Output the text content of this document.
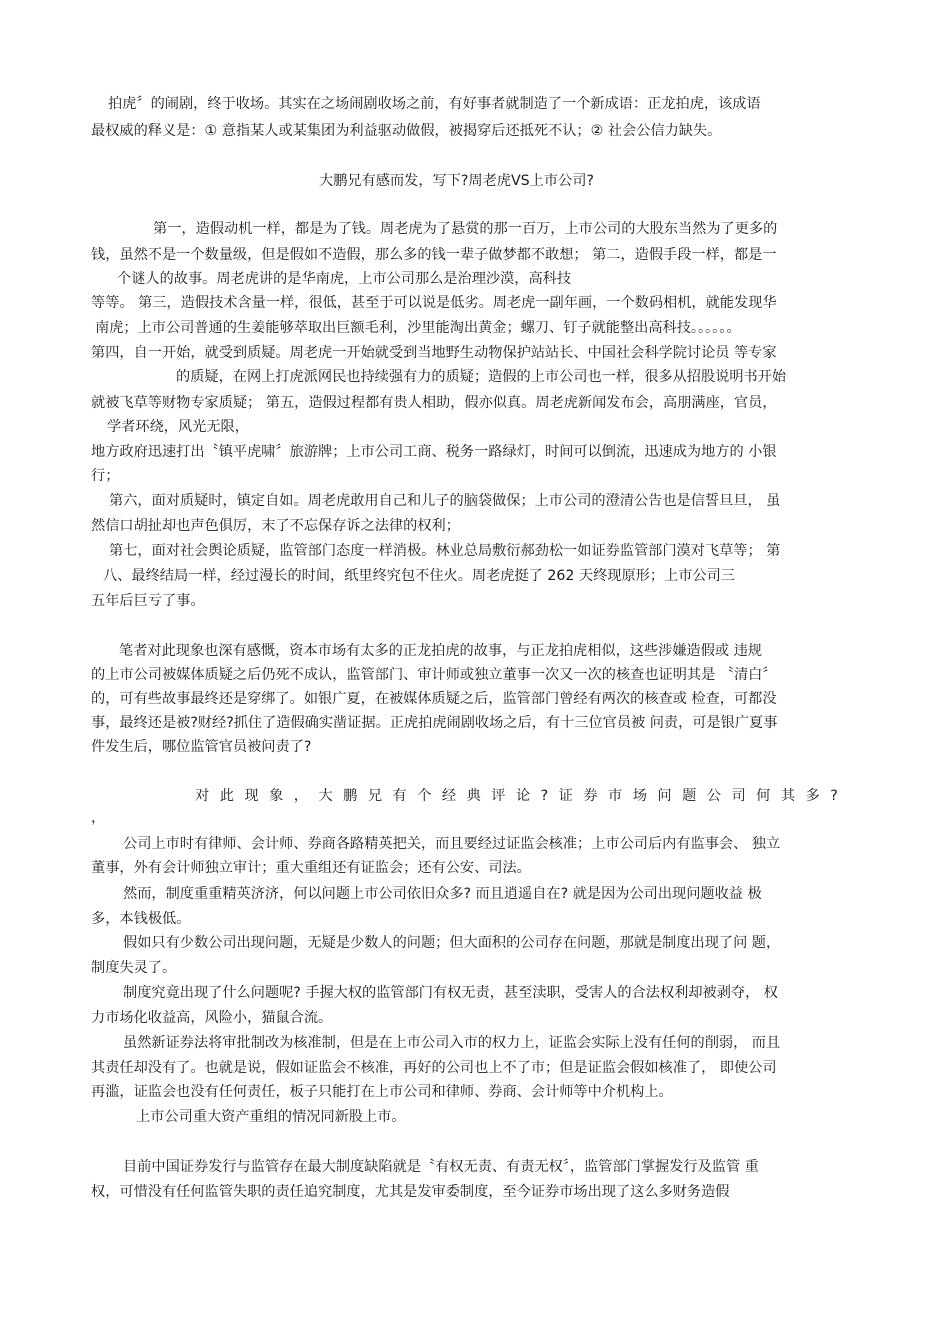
拍虎〞的闹剧，终于收场。其实在之场闹剧收场之前，有好事者就制造了一个新成语：正龙拍虎，该成语
最权威的释义是：① 意指某人或某集团为利益驱动做假，被揭穿后还抵死不认；② 社会公信力缺失。
大鹏兄有感而发，写下?周老虎VS上市公司?
第一，造假动机一样，都是为了钱。周老虎为了悬赏的那一百万，上市公司的大股东当然为了更多的
钱，虽然不是一个数量级，但是假如不造假，那么多的钱一辈子做梦都不敢想； 第二，造假手段一样，都是一
个谜人的故事。周老虎讲的是华南虎，上市公司那么是治理沙漠，高科技
等等。 第三，造假技术含量一样，很低，甚至于可以说是低劣。周老虎一副年画，一个数码相机，就能发现华
南虎；上市公司普通的生姜能够萃取出巨额毛利，沙里能淘出黄金；螺刀、钉子就能整出高科技。。。。。。
第四，自一开始，就受到质疑。周老虎一开始就受到当地野生动物保护站站长、中国社会科学院讨论员 等专家
的质疑，在网上打虎派网民也持续强有力的质疑；造假的上市公司也一样，很多从招股说明书开始
就被飞草等财物专家质疑； 第五，造假过程都有贵人相助，假亦似真。周老虎新闻发布会，高朋满座，官员，
学者环绕，风光无限，
地方政府迅速打出〝镇平虎啸〞旅游牌；上市公司工商、税务一路绿灯，时间可以倒流，迅速成为地方的 小银
行；
第六，面对质疑时，镇定自如。周老虎敢用自己和儿子的脑袋做保；上市公司的澄清公告也是信誓旦旦， 虽
然信口胡扯却也声色俱厉，末了不忘保存诉之法律的权利；
第七，面对社会舆论质疑，监管部门态度一样消极。林业总局敷衍郝劲松一如证券监管部门漠对飞草等； 第
八、最终结局一样，经过漫长的时间，纸里终究包不住火。周老虎挺了 262 天终现原形；上市公司三
五年后巨亏了事。
笔者对此现象也深有感慨，资本市场有太多的正龙拍虎的故事，与正龙拍虎相似，这些涉嫌造假或 违规
的上市公司被媒体质疑之后仍死不成认，监管部门、审计师或独立董事一次又一次的核查也证明其是 〝清白〞
的，可有些故事最终还是穿绑了。如银广夏，在被媒体质疑之后，监管部门曾经有两次的核查或 检查，可都没
事，最终还是被?财经?抓住了造假确实凿证据。正虎拍虎闹剧收场之后，有十三位官员被 问责，可是银广夏事
件发生后，哪位监管官员被问责了?
对此现象，大鹏兄有个经典评论?证券市场问题公司何其多?
，
公司上市时有律师、会计师、券商各路精英把关，而且要经过证监会核准；上市公司后内有监事会、 独立
董事，外有会计师独立审计；重大重组还有证监会；还有公安、司法。
然而，制度重重精英济济，何以问题上市公司依旧众多? 而且逍遥自在? 就是因为公司出现问题收益 极
多，本钱极低。
假如只有少数公司出现问题，无疑是少数人的问题；但大面积的公司存在问题，那就是制度出现了问 题，
制度失灵了。
制度究竟出现了什么问题呢? 手握大权的监管部门有权无责，甚至渎职，受害人的合法权利却被剥夺， 权
力市场化收益高，风险小，猫鼠合流。
虽然新证券法将审批制改为核准制，但是在上市公司入市的权力上，证监会实际上没有任何的削弱， 而且
其责任却没有了。也就是说，假如证监会不核准，再好的公司也上不了市；但是证监会假如核准了， 即使公司
再滥，证监会也没有任何责任，板子只能打在上市公司和律师、券商、会计师等中介机构上。
上市公司重大资产重组的情况同新股上市。
目前中国证券发行与监管存在最大制度缺陷就是〝有权无责、有责无权〞，监管部门掌握发行及监管 重
权，可惜没有任何监管失职的责任追究制度，尤其是发审委制度，至今证券市场出现了这么多财务造假
